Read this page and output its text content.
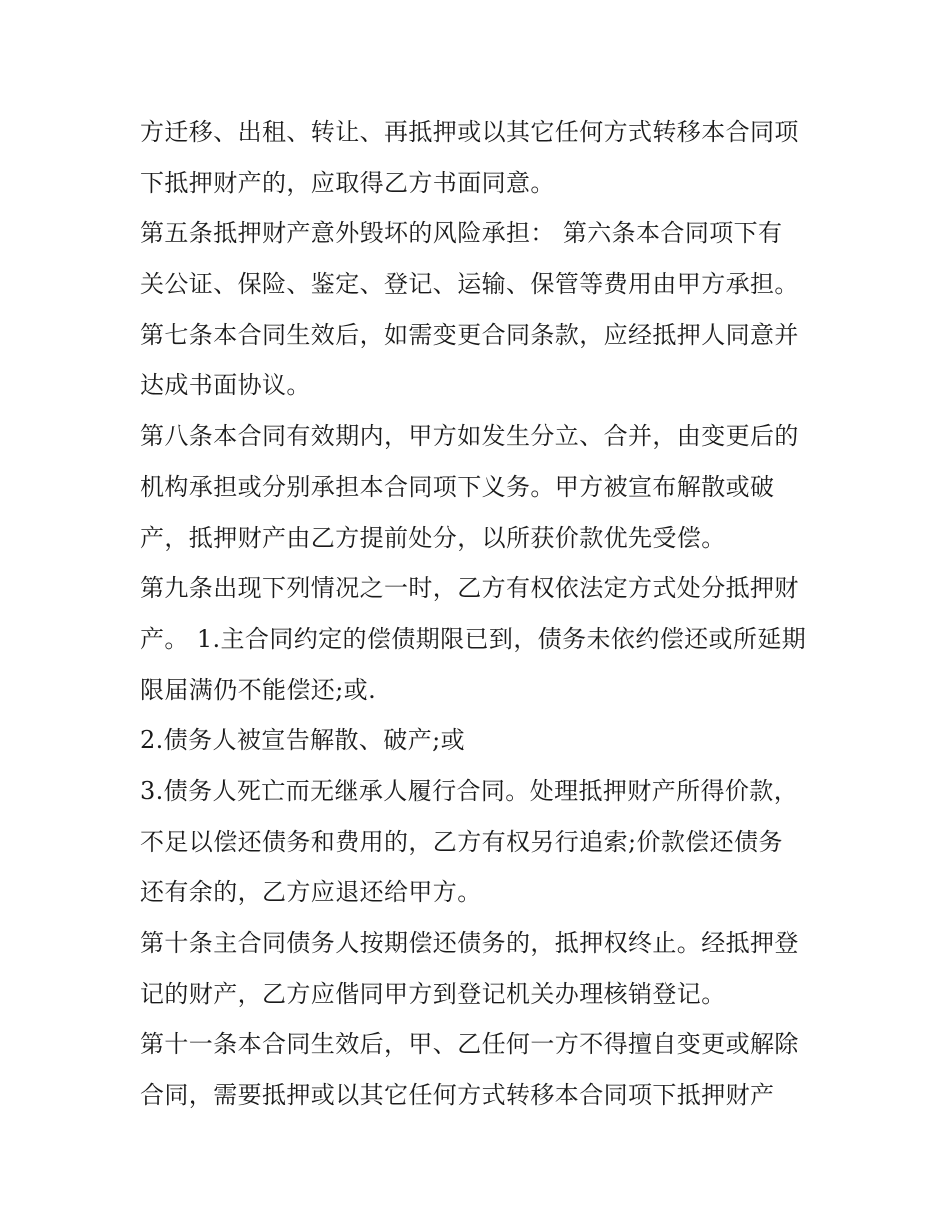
方迁移、出租、转让、再抵押或以其它任何方式转移本合同项
下抵押财产的，应取得乙方书面同意。
第五条抵押财产意外毁坏的风险承担： 第六条本合同项下有
关公证、保险、鉴定、登记、运输、保管等费用由甲方承担。
第七条本合同生效后，如需变更合同条款，应经抵押人同意并
达成书面协议。
第八条本合同有效期内，甲方如发生分立、合并，由变更后的
机构承担或分别承担本合同项下义务。甲方被宣布解散或破
产，抵押财产由乙方提前处分，以所获价款优先受偿。
第九条出现下列情况之一时，乙方有权依法定方式处分抵押财
产。 1.主合同约定的偿债期限已到，债务未依约偿还或所延期
限届满仍不能偿还;或.
2.债务人被宣告解散、破产;或
3.债务人死亡而无继承人履行合同。处理抵押财产所得价款，
不足以偿还债务和费用的，乙方有权另行追索;价款偿还债务
还有余的，乙方应退还给甲方。
第十条主合同债务人按期偿还债务的，抵押权终止。经抵押登
记的财产，乙方应偕同甲方到登记机关办理核销登记。
第十一条本合同生效后，甲、乙任何一方不得擅自变更或解除
合同，需要抵押或以其它任何方式转移本合同项下抵押财产
